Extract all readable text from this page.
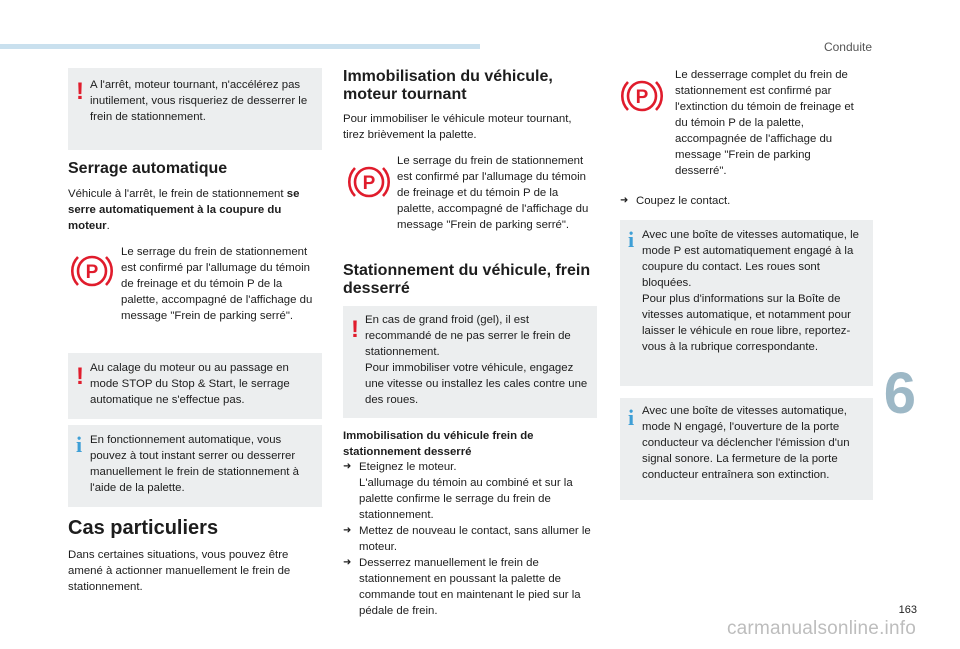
Conduite
6
163
carmanualsonline.info
! A l'arrêt, moteur tournant, n'accélérez pas inutilement, vous risqueriez de desserrer le frein de stationnement.

Serrage automatique
Véhicule à l'arrêt, le frein de stationnement se serre automatiquement à la coupure du moteur.
P

Le serrage du frein de stationnement est confirmé par l'allumage du témoin de freinage et du témoin P de la palette, accompagné de l'affichage du message "Frein de parking serré".

! Au calage du moteur ou au passage en mode STOP du Stop & Start, le serrage automatique ne s'effectue pas.

i En fonctionnement automatique, vous pouvez à tout instant serrer ou desserrer manuellement le frein de stationnement à l'aide de la palette.

Cas particuliers

Dans certaines situations, vous pouvez être amené à actionner manuellement le frein de stationnement.

Immobilisation du véhicule, moteur tournant

Pour immobiliser le véhicule moteur tournant, tirez brièvement la palette.

P

Le serrage du frein de stationnement est confirmé par l'allumage du témoin de freinage et du témoin P de la palette, accompagné de l'affichage du message "Frein de parking serré".

Stationnement du véhicule, frein desserré
! En cas de grand froid (gel), il est recommandé de ne pas serrer le frein de stationnement.
Pour immobiliser votre véhicule, engagez une vitesse ou installez les cales contre une des roues.

Immobilisation du véhicule frein de stationnement desserré
➜ Eteignez le moteur.
L'allumage du témoin au combiné et sur la palette confirme le serrage du frein de stationnement.
➜ Mettez de nouveau le contact, sans allumer le moteur.
➜ Desserrez manuellement le frein de stationnement en poussant la palette de commande tout en maintenant le pied sur la pédale de frein.
P

Le desserrage complet du frein de stationnement est confirmé par l'extinction du témoin de freinage et du témoin P de la palette, accompagnée de l'affichage du message "Frein de parking desserré".

➜ Coupez le contact.
i Avec une boîte de vitesses automatique, le mode P est automatiquement engagé à la coupure du contact. Les roues sont bloquées.
Pour plus d'informations sur la Boîte de vitesses automatique, et notamment pour laisser le véhicule en roue libre, reportez-vous à la rubrique correspondante.

i Avec une boîte de vitesses automatique, mode N engagé, l'ouverture de la porte conducteur va déclencher l'émission d'un signal sonore. La fermeture de la porte conducteur entraînera son extinction.
